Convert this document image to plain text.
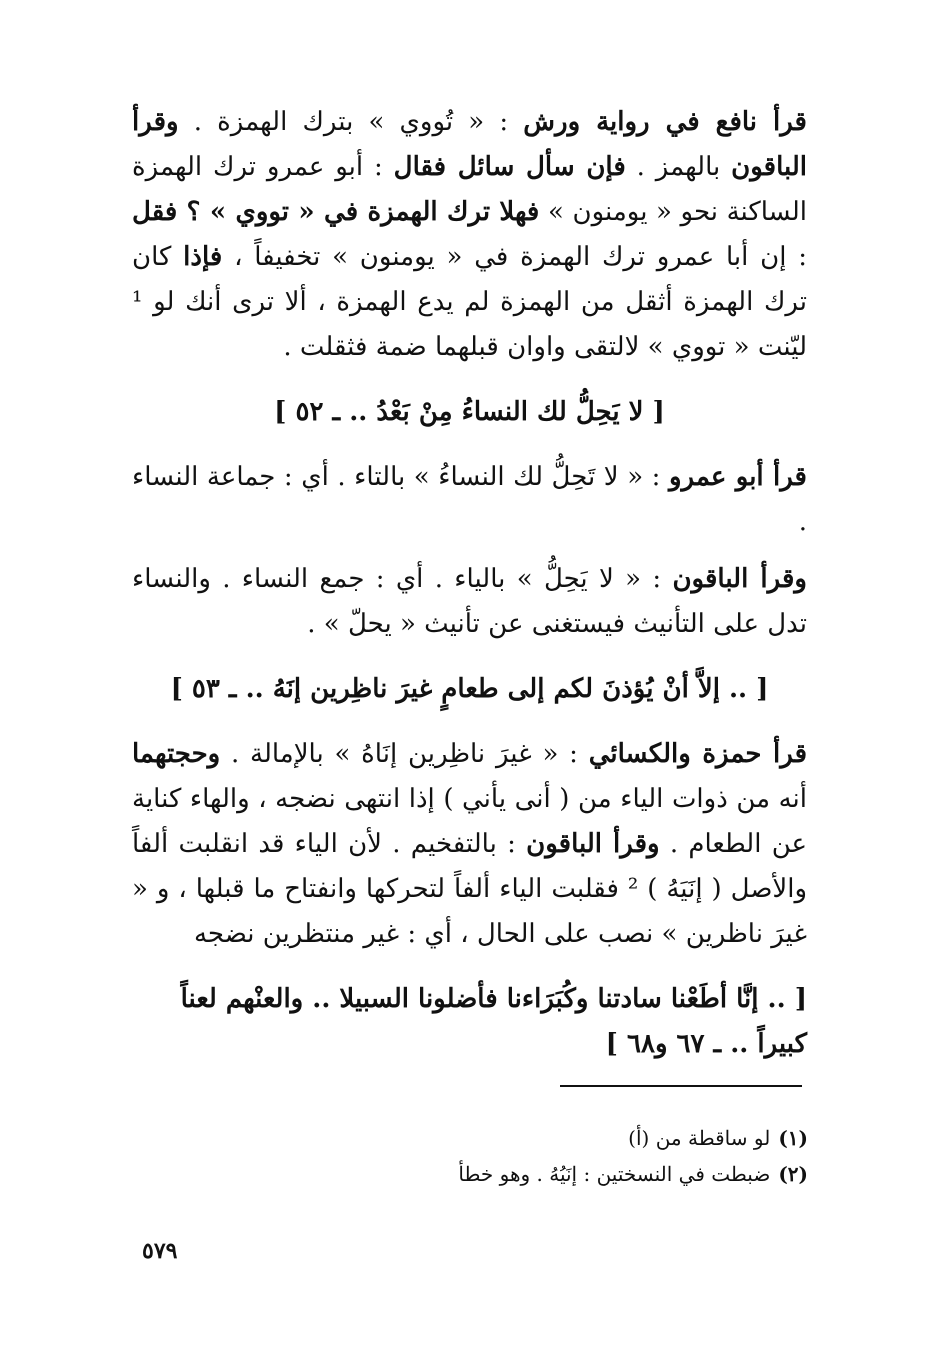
قرأ نافع في رواية ورش : « تُووي » بترك الهمزة . وقرأ الباقون بالهمز . فإن سأل سائل فقال : أبو عمرو ترك الهمزة الساكنة نحو « يومنون » فهلا ترك الهمزة في « تووي » ؟ فقل : إن أبا عمرو ترك الهمزة في « يومنون » تخفيفاً ، فإذا كان ترك الهمزة أثقل من الهمزة لم يدع الهمزة ، ألا ترى أنك لو ¹ ليّنت « تووي » لالتقى واوان قبلهما ضمة فثقلت .

[ لا يَحِلُّ لك النساءُ مِنْ بَعْدُ .. ـ ٥٢ ]

قرأ أبو عمرو : « لا تَحِلُّ لك النساءُ » بالتاء . أي : جماعة النساء .

وقرأ الباقون : « لا يَحِلُّ » بالياء . أي : جمع النساء . والنساء تدل على التأنيث فيستغنى عن تأنيث « يحلّ » .

[ .. إلاَّ أنْ يُؤذنَ لكم إلى طعامٍ غيرَ ناظِرين إنَهُ .. ـ ٥٣ ]

قرأ حمزة والكسائي : « غيرَ ناظِرين إنَاهُ » بالإمالة . وحجتهما أنه من ذوات الياء من ( أنى يأني ) إذا انتهى نضجه ، والهاء كناية عن الطعام . وقرأ الباقون : بالتفخيم . لأن الياء قد انقلبت ألفاً والأصل ( إنَيَهُ ) ² فقلبت الياء ألفاً لتحركها وانفتاح ما قبلها ، و « غيرَ ناظرين » نصب على الحال ، أي : غير منتظرين نضجه

[ .. إنَّا أطَعْنا سادتنا وكُبَرَاءنا فأضلونا السبيلا .. والعنْهم لعناً كبيراً .. ـ ٦٧ و٦٨ ]
(١)لو ساقطة من (أ)
(٢)ضبطت في النسختين : إنَيُهُ . وهو خطأ
٥٧٩
